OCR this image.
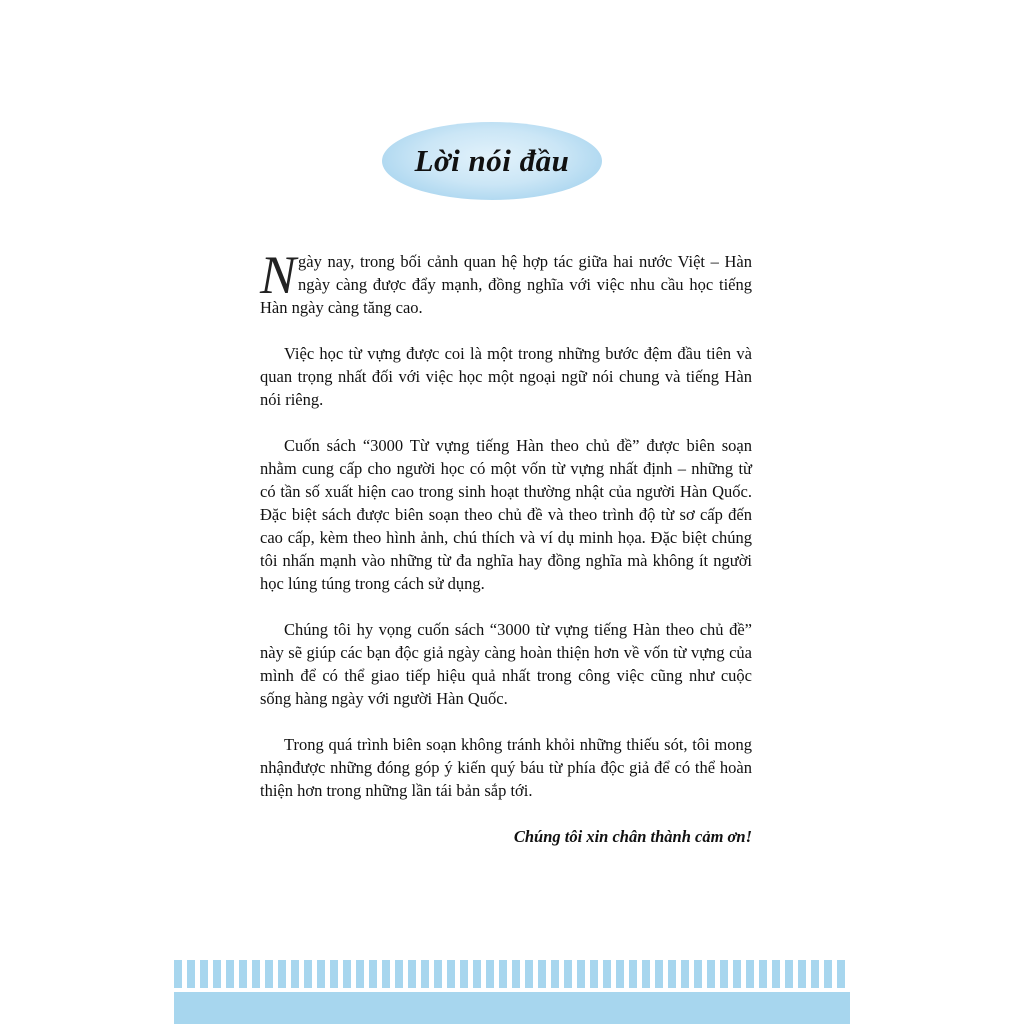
Lời nói đầu

Ngày nay, trong bối cảnh quan hệ hợp tác giữa hai nước Việt – Hàn ngày càng được đẩy mạnh, đồng nghĩa với việc nhu cầu học tiếng Hàn ngày càng tăng cao.

Việc học từ vựng được coi là một trong những bước đệm đầu tiên và quan trọng nhất đối với việc học một ngoại ngữ nói chung và tiếng Hàn nói riêng.

Cuốn sách “3000 Từ vựng tiếng Hàn theo chủ đề” được biên soạn nhằm cung cấp cho người học có một vốn từ vựng nhất định – những từ có tần số xuất hiện cao trong sinh hoạt thường nhật của người Hàn Quốc. Đặc biệt sách được biên soạn theo chủ đề và theo trình độ từ sơ cấp đến cao cấp, kèm theo hình ảnh, chú thích và ví dụ minh họa. Đặc biệt chúng tôi nhấn mạnh vào những từ đa nghĩa hay đồng nghĩa mà không ít người học lúng túng trong cách sử dụng.

Chúng tôi hy vọng cuốn sách “3000 từ vựng tiếng Hàn theo chủ đề” này sẽ giúp các bạn độc giả ngày càng hoàn thiện hơn về vốn từ vựng của mình để có thể giao tiếp hiệu quả nhất trong công việc cũng như cuộc sống hàng ngày với người Hàn Quốc.

Trong quá trình biên soạn không tránh khỏi những thiếu sót, tôi mong nhậnđược những đóng góp ý kiến quý báu từ phía độc giả để có thể hoàn thiện hơn trong những lần tái bản sắp tới.

Chúng tôi xin chân thành cảm ơn!
